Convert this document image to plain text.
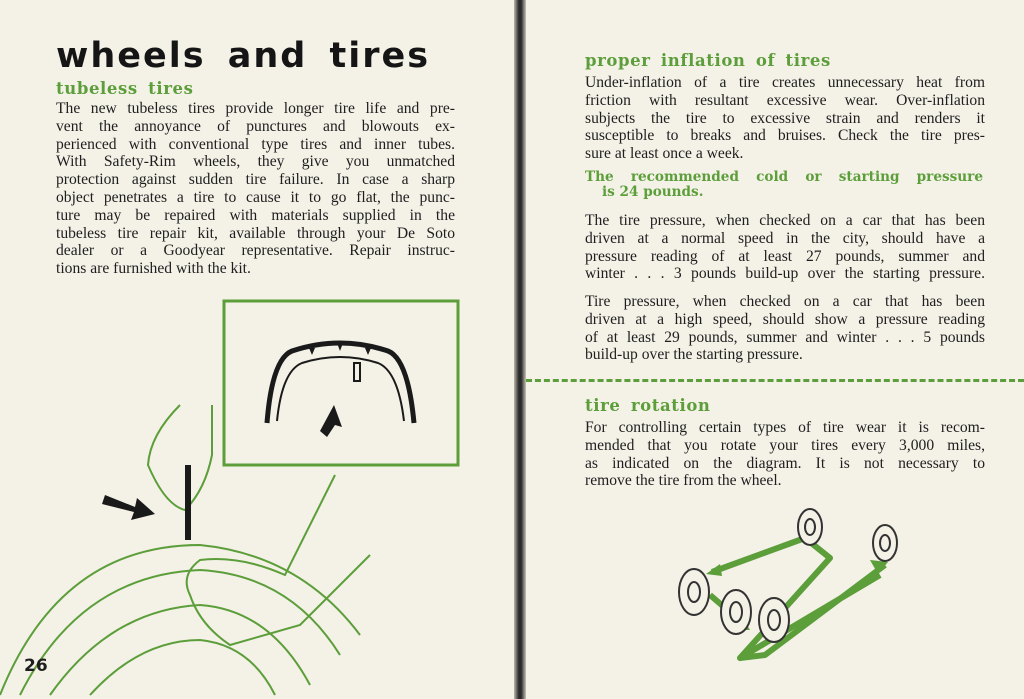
wheels and tires
tubeless tires
The new tubeless tires provide longer tire life and pre-
vent the annoyance of punctures and blowouts ex-
perienced with conventional type tires and inner tubes.
With Safety-Rim wheels, they give you unmatched
protection against sudden tire failure. In case a sharp
object penetrates a tire to cause it to go flat, the punc-
ture may be repaired with materials supplied in the
tubeless tire repair kit, available through your De Soto
dealer or a Goodyear representative. Repair instruc-
tions are furnished with the kit.
26
proper inflation of tires
Under-inflation of a tire creates unnecessary heat from
friction with resultant excessive wear. Over-inflation
subjects the tire to excessive strain and renders it
susceptible to breaks and bruises. Check the tire pres-
sure at least once a week.
The recommended cold or starting pressure
is 24 pounds.
The tire pressure, when checked on a car that has been
driven at a normal speed in the city, should have a
pressure reading of at least 27 pounds, summer and
winter . . . 3 pounds build-up over the starting pressure.
Tire pressure, when checked on a car that has been
driven at a high speed, should show a pressure reading
of at least 29 pounds, summer and winter . . . 5 pounds
build-up over the starting pressure.
tire rotation
For controlling certain types of tire wear it is recom-
mended that you rotate your tires every 3,000 miles,
as indicated on the diagram. It is not necessary to
remove the tire from the wheel.
